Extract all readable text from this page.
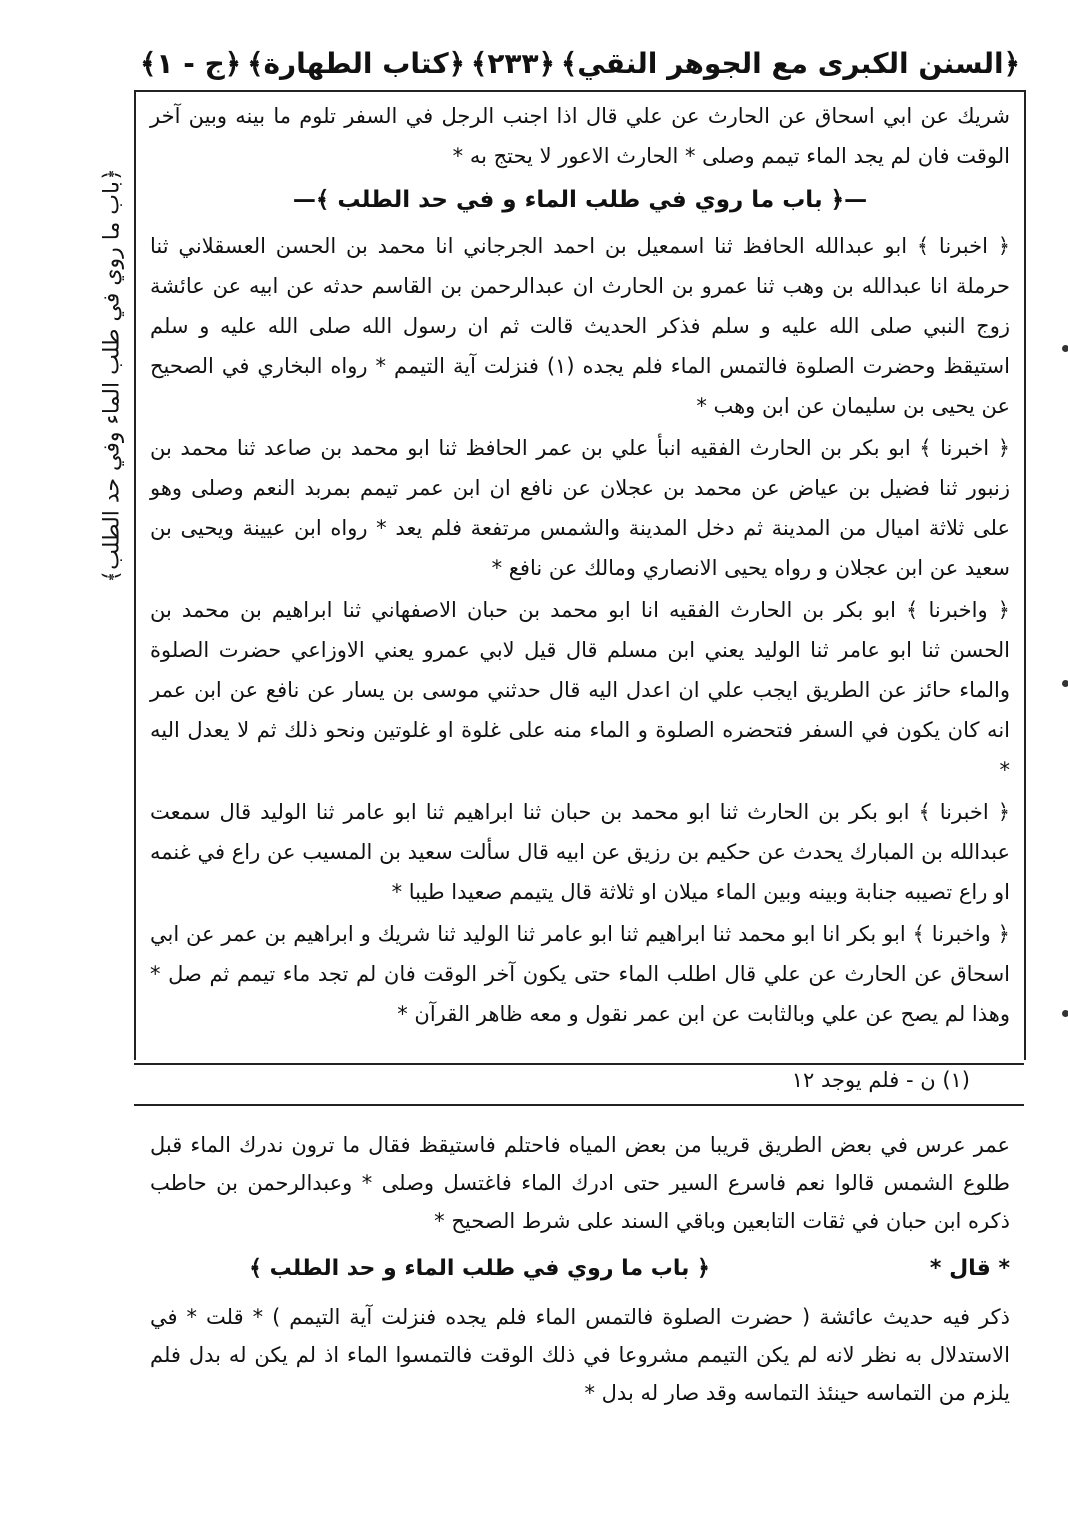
﴿السنن الكبرى مع الجوهر النقي﴾
﴿٢٣٣﴾
﴿كتاب الطهارة﴾
﴿ج - ١﴾
﴿باب ما روي في طلب الماء وفي حد الطلب﴾

شريك عن ابي اسحاق عن الحارث عن علي قال اذا اجنب الرجل في السفر تلوم ما بينه وبين آخر الوقت فان لم يجد الماء تيمم وصلى * الحارث الاعور لا يحتج به *

—﴿ باب ما روي في طلب الماء و في حد الطلب ﴾—

﴿ اخبرنا ﴾ ابو عبدالله الحافظ ثنا اسمعيل بن احمد الجرجاني انا محمد بن الحسن العسقلاني ثنا حرملة انا عبدالله بن وهب ثنا عمرو بن الحارث ان عبدالرحمن بن القاسم حدثه عن ابيه عن عائشة زوج النبي صلى الله عليه و سلم فذكر الحديث قالت ثم ان رسول الله صلى الله عليه و سلم استيقظ وحضرت الصلوة فالتمس الماء فلم يجده (١) فنزلت آية التيمم * رواه البخاري في الصحيح عن يحيى بن سليمان عن ابن وهب *

﴿ اخبرنا ﴾ ابو بكر بن الحارث الفقيه انبأ علي بن عمر الحافظ ثنا ابو محمد بن صاعد ثنا محمد بن زنبور ثنا فضيل بن عياض عن محمد بن عجلان عن نافع ان ابن عمر تيمم بمربد النعم وصلى وهو على ثلاثة اميال من المدينة ثم دخل المدينة والشمس مرتفعة فلم يعد * رواه ابن عيينة ويحيى بن سعيد عن ابن عجلان و رواه يحيى الانصاري ومالك عن نافع *

﴿ واخبرنا ﴾ ابو بكر بن الحارث الفقيه انا ابو محمد بن حبان الاصفهاني ثنا ابراهيم بن محمد بن الحسن ثنا ابو عامر ثنا الوليد يعني ابن مسلم قال قيل لابي عمرو يعني الاوزاعي حضرت الصلوة والماء حائز عن الطريق ايجب علي ان اعدل اليه قال حدثني موسى بن يسار عن نافع عن ابن عمر انه كان يكون في السفر فتحضره الصلوة و الماء منه على غلوة او غلوتين ونحو ذلك ثم لا يعدل اليه *

﴿ اخبرنا ﴾ ابو بكر بن الحارث ثنا ابو محمد بن حبان ثنا ابراهيم ثنا ابو عامر ثنا الوليد قال سمعت عبدالله بن المبارك يحدث عن حكيم بن رزيق عن ابيه قال سألت سعيد بن المسيب عن راع في غنمه او راع تصيبه جنابة وبينه وبين الماء ميلان او ثلاثة قال يتيمم صعيدا طيبا *

﴿ واخبرنا ﴾ ابو بكر انا ابو محمد ثنا ابراهيم ثنا ابو عامر ثنا الوليد ثنا شريك و ابراهيم بن عمر عن ابي اسحاق عن الحارث عن علي قال اطلب الماء حتى يكون آخر الوقت فان لم تجد ماء تيمم ثم صل * وهذا لم يصح عن علي وبالثابت عن ابن عمر نقول و معه ظاهر القرآن *

(١) ن - فلم يوجد ١٢

عمر عرس في بعض الطريق قريبا من بعض المياه فاحتلم فاستيقظ فقال ما ترون ندرك الماء قبل طلوع الشمس قالوا نعم فاسرع السير حتى ادرك الماء فاغتسل وصلى * وعبدالرحمن بن حاطب ذكره ابن حبان في ثقات التابعين وباقي السند على شرط الصحيح *

* قال *
﴿ باب ما روي في طلب الماء و حد الطلب ﴾

ذكر فيه حديث عائشة ( حضرت الصلوة فالتمس الماء فلم يجده فنزلت آية التيمم ) * قلت * في الاستدلال به نظر لانه لم يكن التيمم مشروعا في ذلك الوقت فالتمسوا الماء اذ لم يكن له بدل فلم يلزم من التماسه حينئذ التماسه وقد صار له بدل *
